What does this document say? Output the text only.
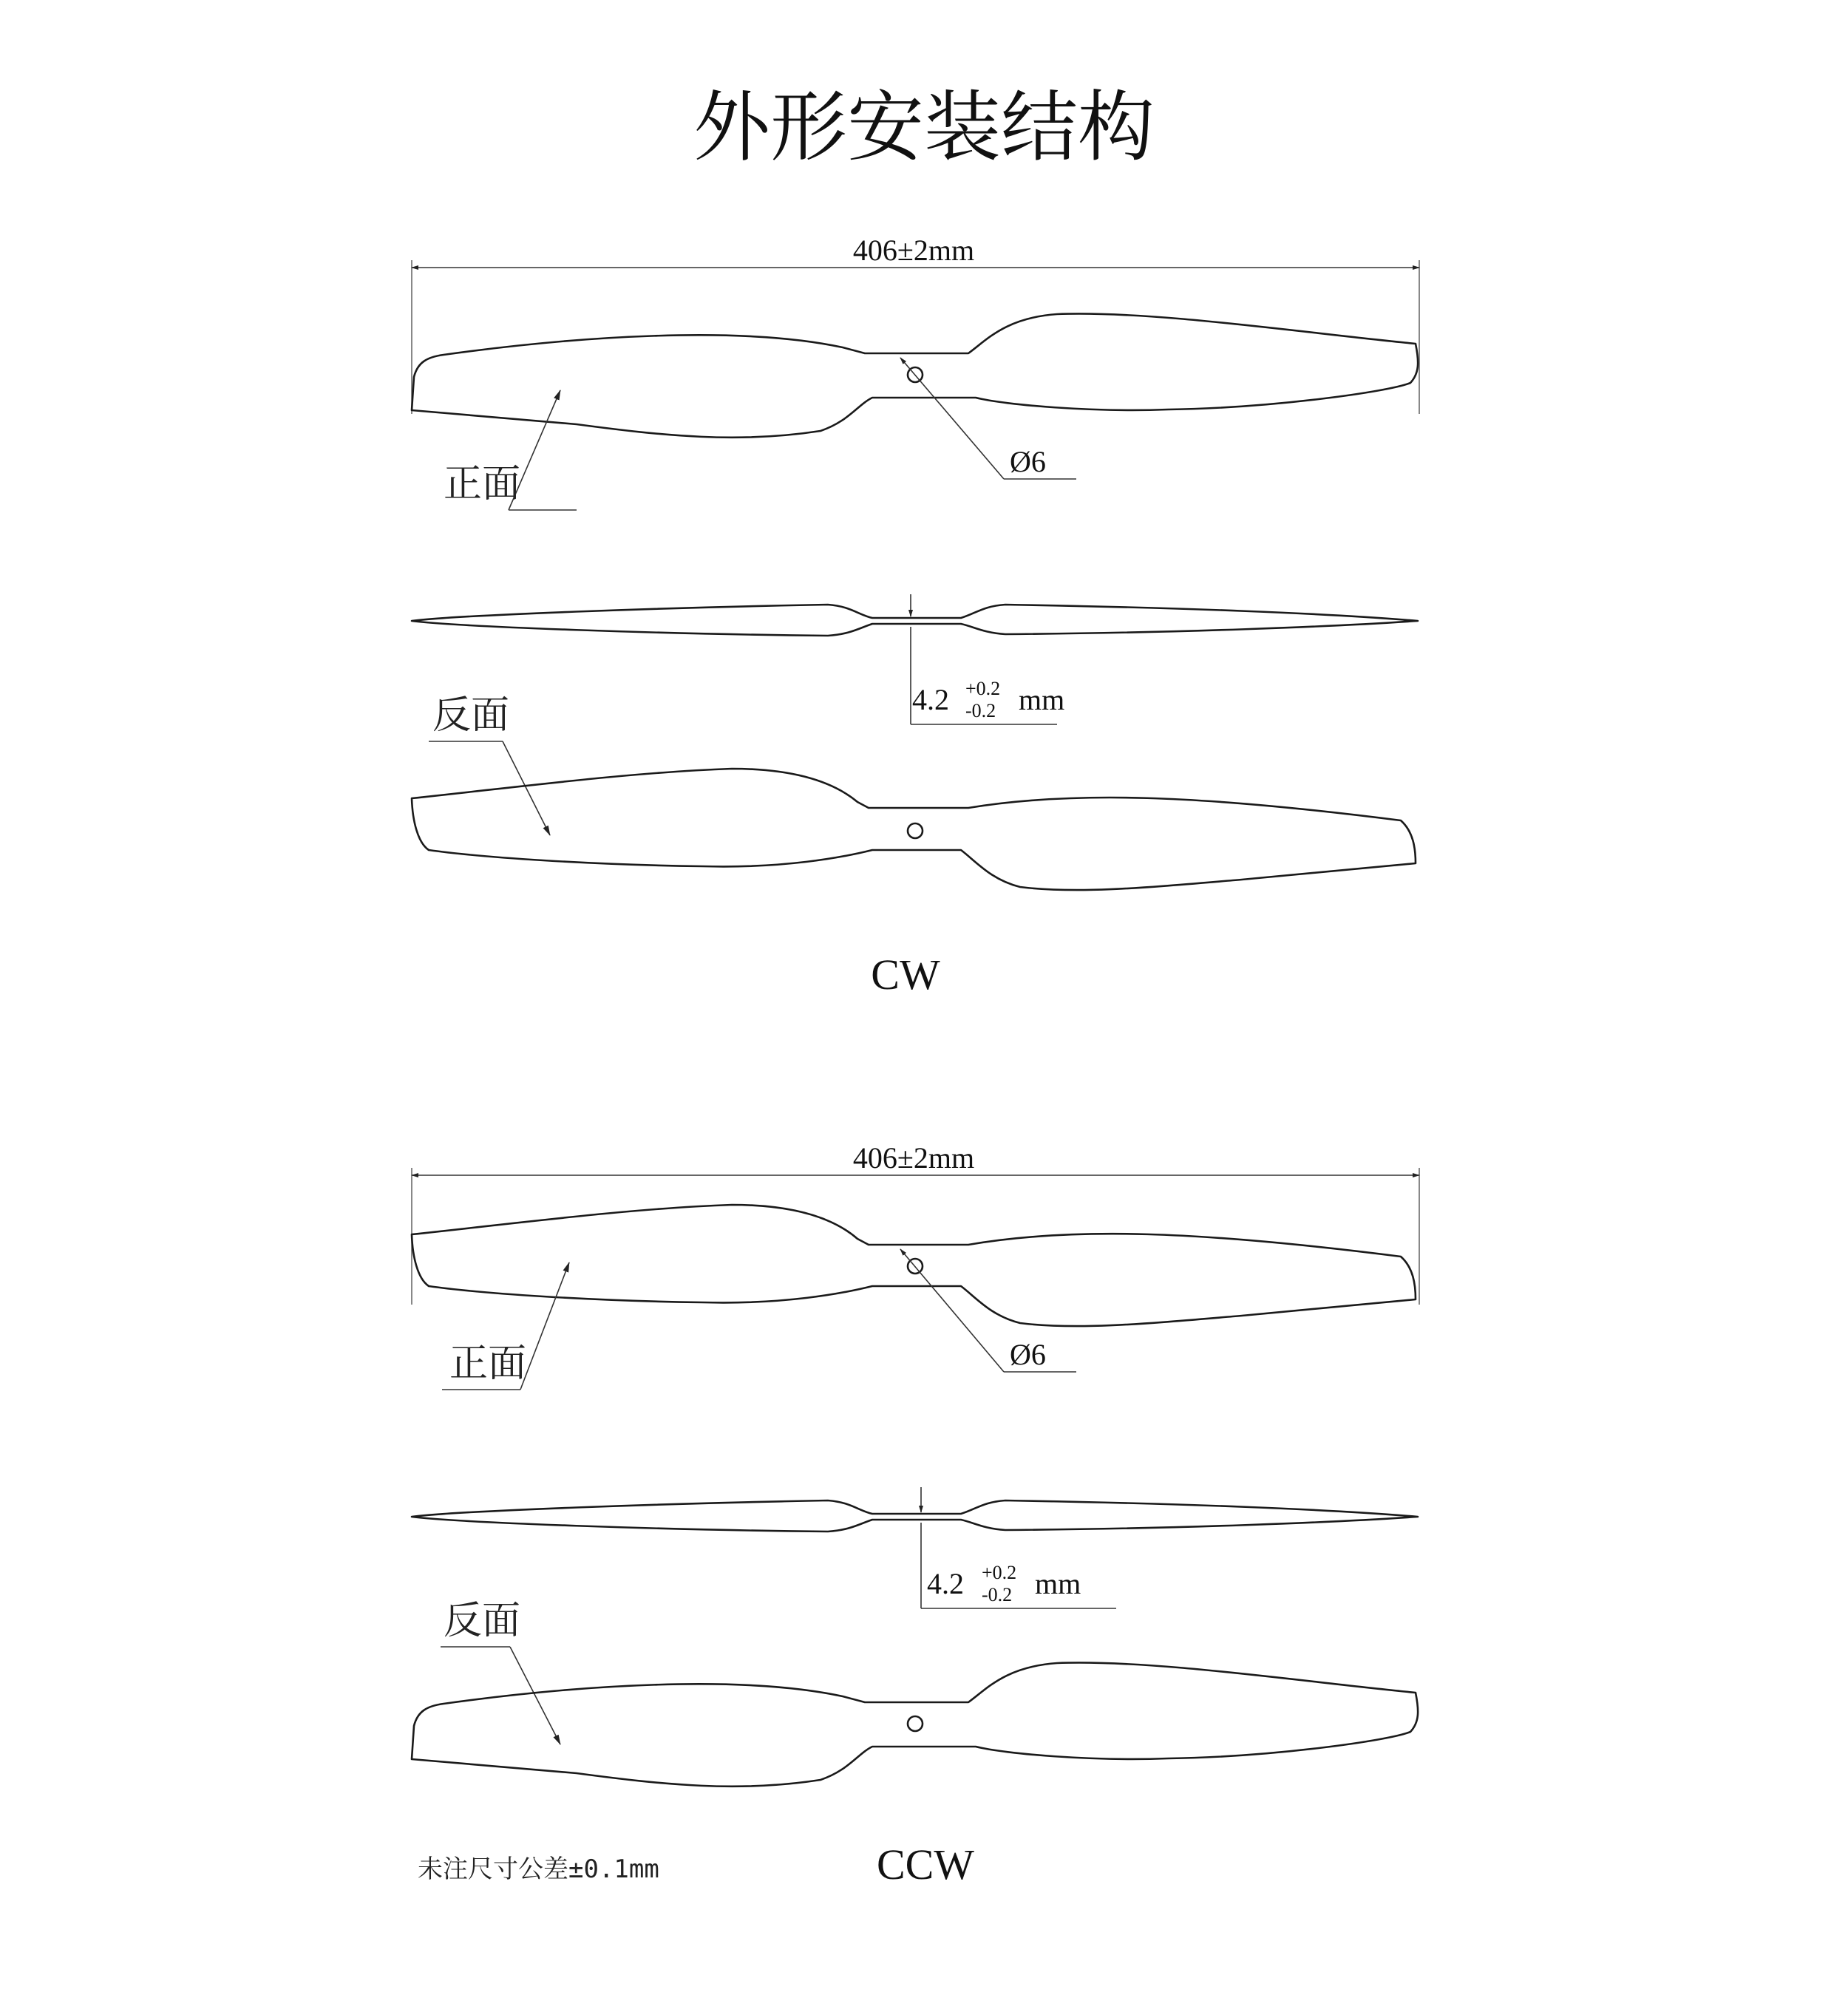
外形安装结构
406±2mm
Ø6
正面
4.2 +0.2
-0.2 mm
反面
CW
406±2mm
Ø6
正面
4.2 +0.2
-0.2 mm
反面
未注尺寸公差±0.1mm	CCW
